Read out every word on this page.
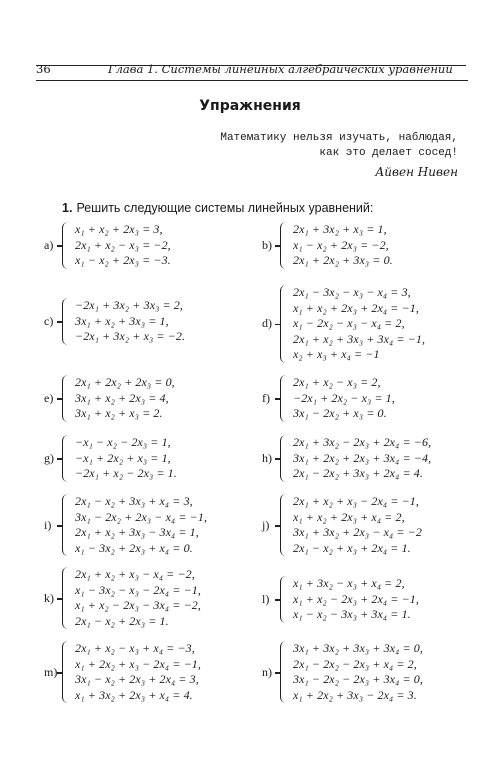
36	Глава 1. Системы линейных алгебраических уравнений
Упражнения
Математику нельзя изучать, наблюдая,
как это делает сосед!
Айвен Нивен
1. Решить следующие системы линейных уравнений:
a)
x₁ + x₂ + 2x₃ = 3,
2x₁ + x₂ − x₃ = −2,
x₁ − x₂ + 2x₃ = −3.
b)
2x₁ + 3x₂ + x₃ = 1,
x₁ − x₂ + 2x₃ = −2,
2x₁ + 2x₂ + 3x₃ = 0.
c)
−2x₁ + 3x₂ + 3x₃ = 2,
3x₁ + x₂ + 3x₃ = 1,
−2x₁ + 3x₂ + x₃ = −2.
d)
2x₁ − 3x₂ − x₃ − x₄ = 3,
x₁ + x₂ + 2x₃ + 2x₄ = −1,
x₁ − 2x₂ − x₃ − x₄ = 2,
2x₁ + x₂ + 3x₃ + 3x₄ = −1,
x₂ + x₃ + x₄ = −1
e)
2x₁ + 2x₂ + 2x₃ = 0,
3x₁ + x₂ + 2x₃ = 4,
3x₁ + x₂ + x₃ = 2.
f)
2x₁ + x₂ − x₃ = 2,
−2x₁ + 2x₂ − x₃ = 1,
3x₁ − 2x₂ + x₃ = 0.
g)
−x₁ − x₂ − 2x₃ = 1,
−x₁ + 2x₂ + x₃ = 1,
−2x₁ + x₂ − 2x₃ = 1.
h)
2x₁ + 3x₂ − 2x₃ + 2x₄ = −6,
3x₁ + 2x₂ + 2x₃ + 3x₄ = −4,
2x₁ − 2x₂ + 3x₃ + 2x₄ = 4.
i)
2x₁ − x₂ + 3x₃ + x₄ = 3,
3x₁ − 2x₂ + 2x₃ − x₄ = −1,
2x₁ + x₂ + 3x₃ − 3x₄ = 1,
x₁ − 3x₂ + 2x₃ + x₄ = 0.
j)
2x₁ + x₂ + x₃ − 2x₄ = −1,
x₁ + x₂ + 2x₃ + x₄ = 2,
3x₁ + 3x₂ + 2x₃ − x₄ = −2
2x₁ − x₂ + x₃ + 2x₄ = 1.
k)
2x₁ + x₂ + x₃ − x₄ = −2,
x₁ − 3x₂ − x₃ − 2x₄ = −1,
x₁ + x₂ − 2x₃ − 3x₄ = −2,
2x₁ − x₂ + 2x₃ = 1.
l)
x₁ + 3x₂ − x₃ + x₄ = 2,
x₁ + x₂ − 2x₃ + 2x₄ = −1,
x₁ − x₂ − 3x₃ + 3x₄ = 1.
m)
2x₁ + x₂ − x₃ + x₄ = −3,
x₁ + 2x₂ + x₃ − 2x₄ = −1,
3x₁ − x₂ + 2x₃ + 2x₄ = 3,
x₁ + 3x₂ + 2x₃ + x₄ = 4.
n)
3x₁ + 3x₂ + 3x₃ + 3x₄ = 0,
2x₁ − 2x₂ − 2x₃ + x₄ = 2,
3x₁ − 2x₂ − 2x₃ + 3x₄ = 0,
x₁ + 2x₂ + 3x₃ − 2x₄ = 3.
